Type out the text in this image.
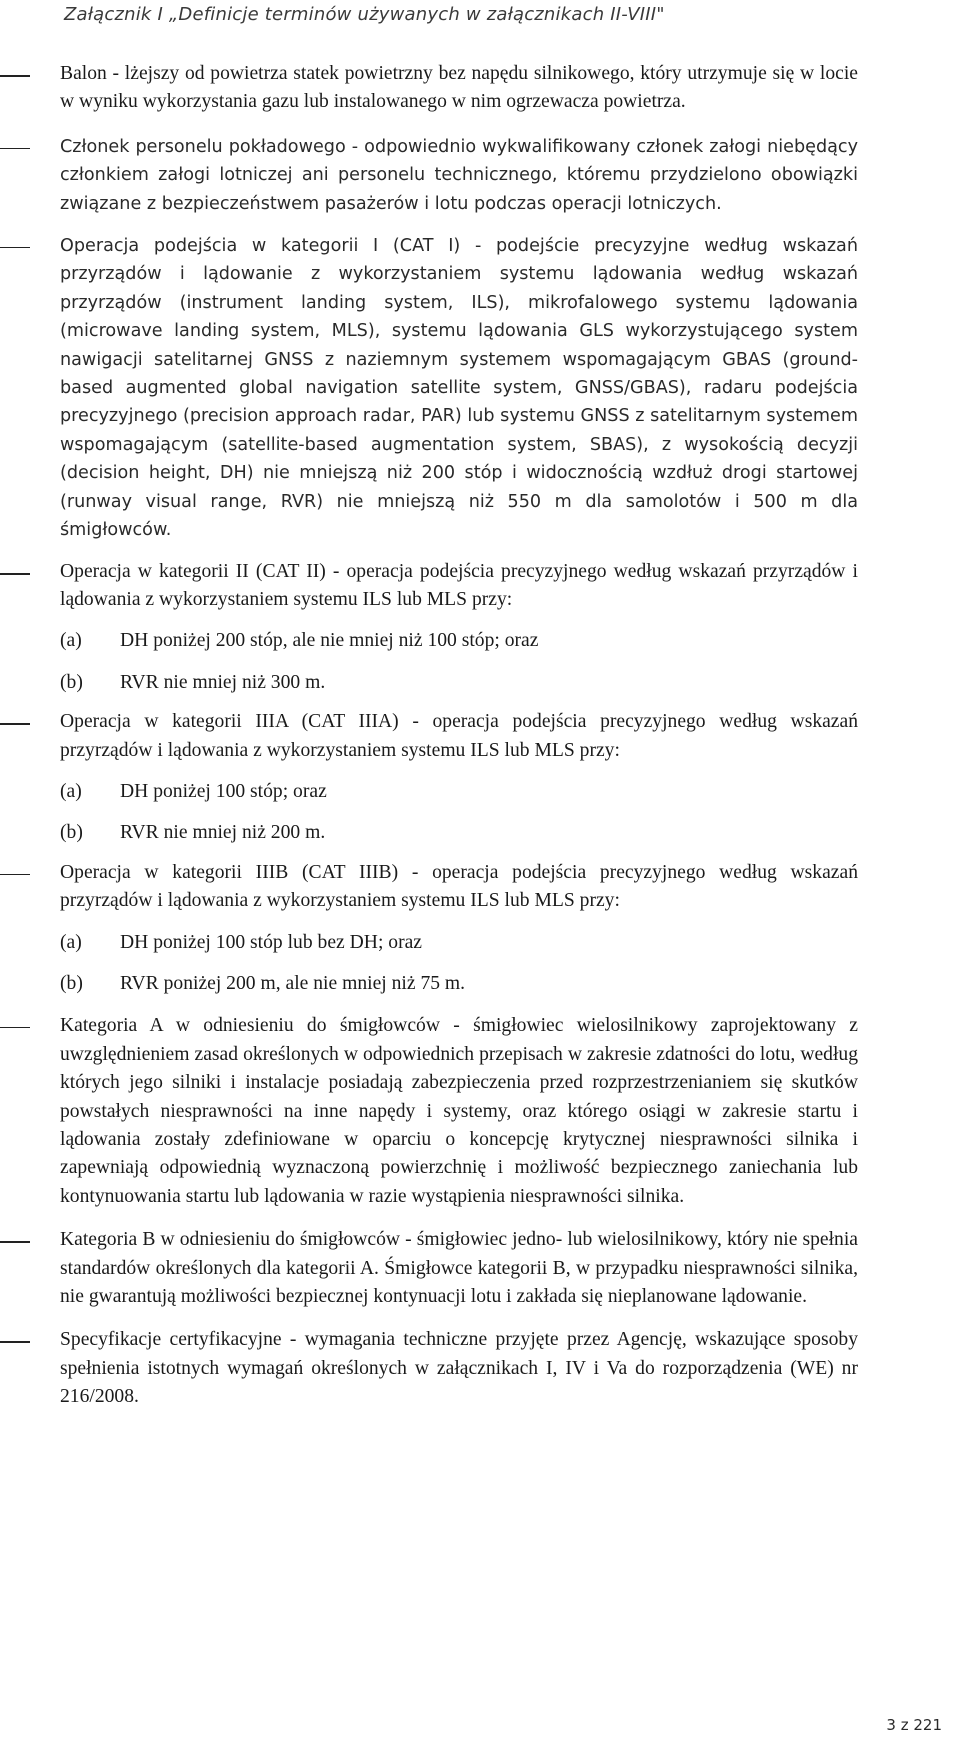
Załącznik I „Definicje terminów używanych w załącznikach II-VIII"
Balon - lżejszy od powietrza statek powietrzny bez napędu silnikowego, który utrzymuje się w locie w wyniku wykorzystania gazu lub instalowanego w nim ogrzewacza powietrza.
Członek personelu pokładowego - odpowiednio wykwalifikowany członek załogi niebędący członkiem załogi lotniczej ani personelu technicznego, któremu przydzielono obowiązki związane z bezpieczeństwem pasażerów i lotu podczas operacji lotniczych.
Operacja podejścia w kategorii I (CAT I) - podejście precyzyjne według wskazań przyrządów i lądowanie z wykorzystaniem systemu lądowania według wskazań przyrządów (instrument landing system, ILS), mikrofalowego systemu lądowania (microwave landing system, MLS), systemu lądowania GLS wykorzystującego system nawigacji satelitarnej GNSS z naziemnym systemem wspomagającym GBAS (ground-based augmented global navigation satellite system, GNSS/GBAS), radaru podejścia precyzyjnego (precision approach radar, PAR) lub systemu GNSS z satelitarnym systemem wspomagającym (satellite-based augmentation system, SBAS), z wysokością decyzji (decision height, DH) nie mniejszą niż 200 stóp i widocznością wzdłuż drogi startowej (runway visual range, RVR) nie mniejszą niż 550 m dla samolotów i 500 m dla śmigłowców.
Operacja w kategorii II (CAT II) - operacja podejścia precyzyjnego według wskazań przyrządów i lądowania z wykorzystaniem systemu ILS lub MLS przy:
(a)	DH poniżej 200 stóp, ale nie mniej niż 100 stóp; oraz
(b)	RVR nie mniej niż 300 m.
Operacja w kategorii IIIA (CAT IIIA) - operacja podejścia precyzyjnego według wskazań przyrządów i lądowania z wykorzystaniem systemu ILS lub MLS przy:
(a)	DH poniżej 100 stóp; oraz
(b)	RVR nie mniej niż 200 m.
Operacja w kategorii IIIB (CAT IIIB) - operacja podejścia precyzyjnego według wskazań przyrządów i lądowania z wykorzystaniem systemu ILS lub MLS przy:
(a)	DH poniżej 100 stóp lub bez DH; oraz
(b)	RVR poniżej 200 m, ale nie mniej niż 75 m.
Kategoria A w odniesieniu do śmigłowców - śmigłowiec wielosilnikowy zaprojektowany z uwzględnieniem zasad określonych w odpowiednich przepisach w zakresie zdatności do lotu, według których jego silniki i instalacje posiadają zabezpieczenia przed rozprzestrzenianiem się skutków powstałych niesprawności na inne napędy i systemy, oraz którego osiągi w zakresie startu i lądowania zostały zdefiniowane w oparciu o koncepcję krytycznej niesprawności silnika i zapewniają odpowiednią wyznaczoną powierzchnię i możliwość bezpiecznego zaniechania lub kontynuowania startu lub lądowania w razie wystąpienia niesprawności silnika.
Kategoria B w odniesieniu do śmigłowców - śmigłowiec jedno- lub wielosilnikowy, który nie spełnia standardów określonych dla kategorii A. Śmigłowce kategorii B, w przypadku niesprawności silnika, nie gwarantują możliwości bezpiecznej kontynuacji lotu i zakłada się nieplanowane lądowanie.
Specyfikacje certyfikacyjne - wymagania techniczne przyjęte przez Agencję, wskazujące sposoby spełnienia istotnych wymagań określonych w załącznikach I, IV i Va do rozporządzenia (WE) nr 216/2008.
3 z 221
